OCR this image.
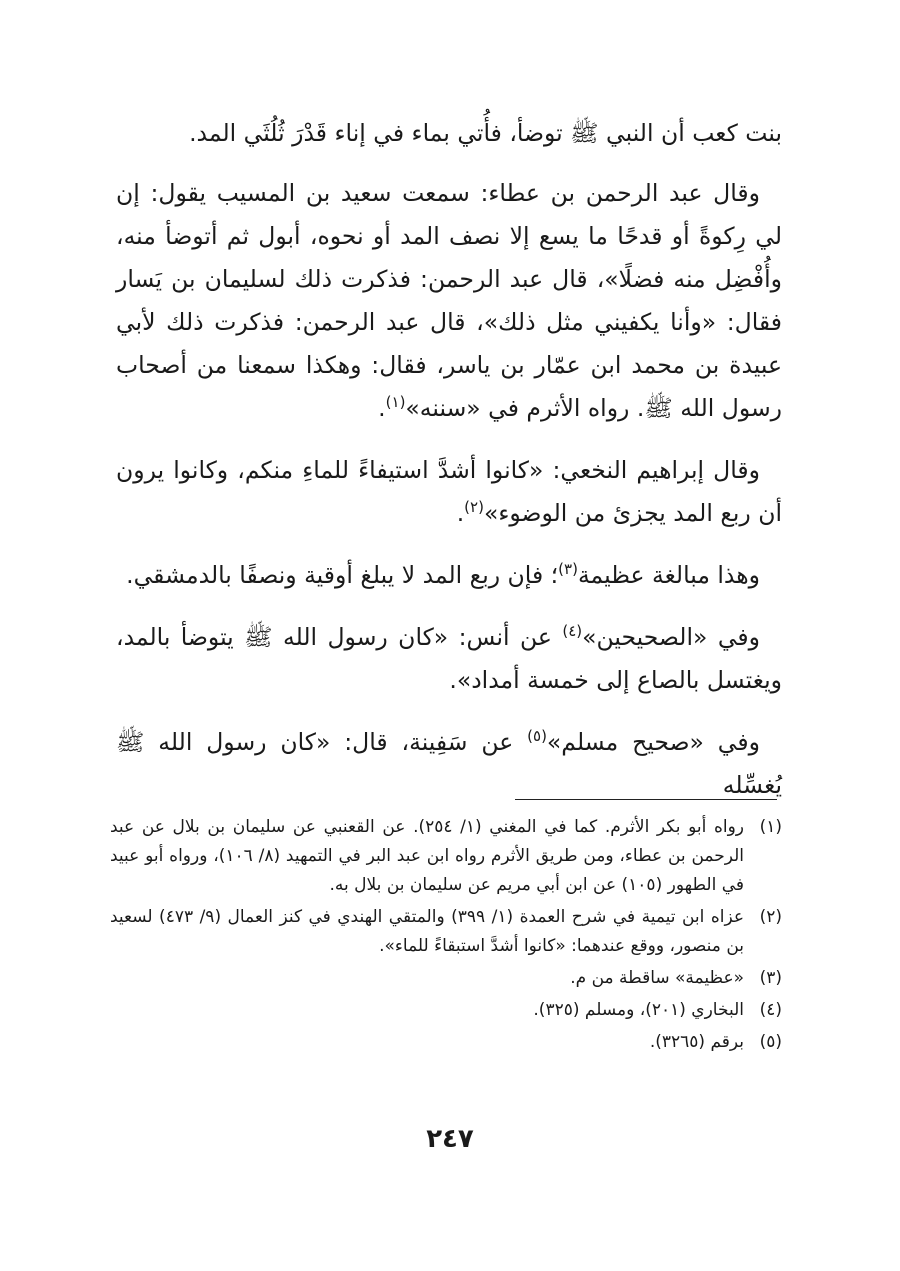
بنت كعب أن النبي ﷺ توضأ، فأُتي بماء في إناء قَدْرَ ثُلُثَي المد.

وقال عبد الرحمن بن عطاء: سمعت سعيد بن المسيب يقول: إن لي رِكوةً أو قدحًا ما يسع إلا نصف المد أو نحوه، أبول ثم أتوضأ منه، وأُفْضِل منه فضلًا»، قال عبد الرحمن: فذكرت ذلك لسليمان بن يَسار فقال: «وأنا يكفيني مثل ذلك»، قال عبد الرحمن: فذكرت ذلك لأبي عبيدة بن محمد ابن عمّار بن ياسر، فقال: وهكذا سمعنا من أصحاب رسول الله ﷺ. رواه الأثرم في «سننه»$^{(١)}$.

وقال إبراهيم النخعي: «كانوا أشدَّ استيفاءً للماءِ منكم، وكانوا يرون أن ربع المد يجزئ من الوضوء»$^{(٢)}$.

وهذا مبالغة عظيمة$^{(٣)}$؛ فإن ربع المد لا يبلغ أوقية ونصفًا بالدمشقي.

وفي «الصحيحين»$^{(٤)}$ عن أنس: «كان رسول الله ﷺ يتوضأ بالمد، ويغتسل بالصاع إلى خمسة أمداد».

وفي «صحيح مسلم»$^{(٥)}$ عن سَفِينة، قال: «كان رسول الله ﷺ يُغسِّله

(١)
رواه أبو بكر الأثرم. كما في المغني (١/ ٢٥٤). عن القعنبي عن سليمان بن بلال عن عبد الرحمن بن عطاء، ومن طريق الأثرم رواه ابن عبد البر في التمهيد (٨/ ١٠٦)، ورواه أبو عبيد في الطهور (١٠٥) عن ابن أبي مريم عن سليمان بن بلال به.
(٢)
عزاه ابن تيمية في شرح العمدة (١/ ٣٩٩) والمتقي الهندي في كنز العمال (٩/ ٤٧٣) لسعيد بن منصور، ووقع عندهما: «كانوا أشدَّ استبقاءً للماء».
(٣)
«عظيمة» ساقطة من م.
(٤)
البخاري (٢٠١)، ومسلم (٣٢٥).
(٥)
برقم (٣٢٦٥).
٢٤٧
